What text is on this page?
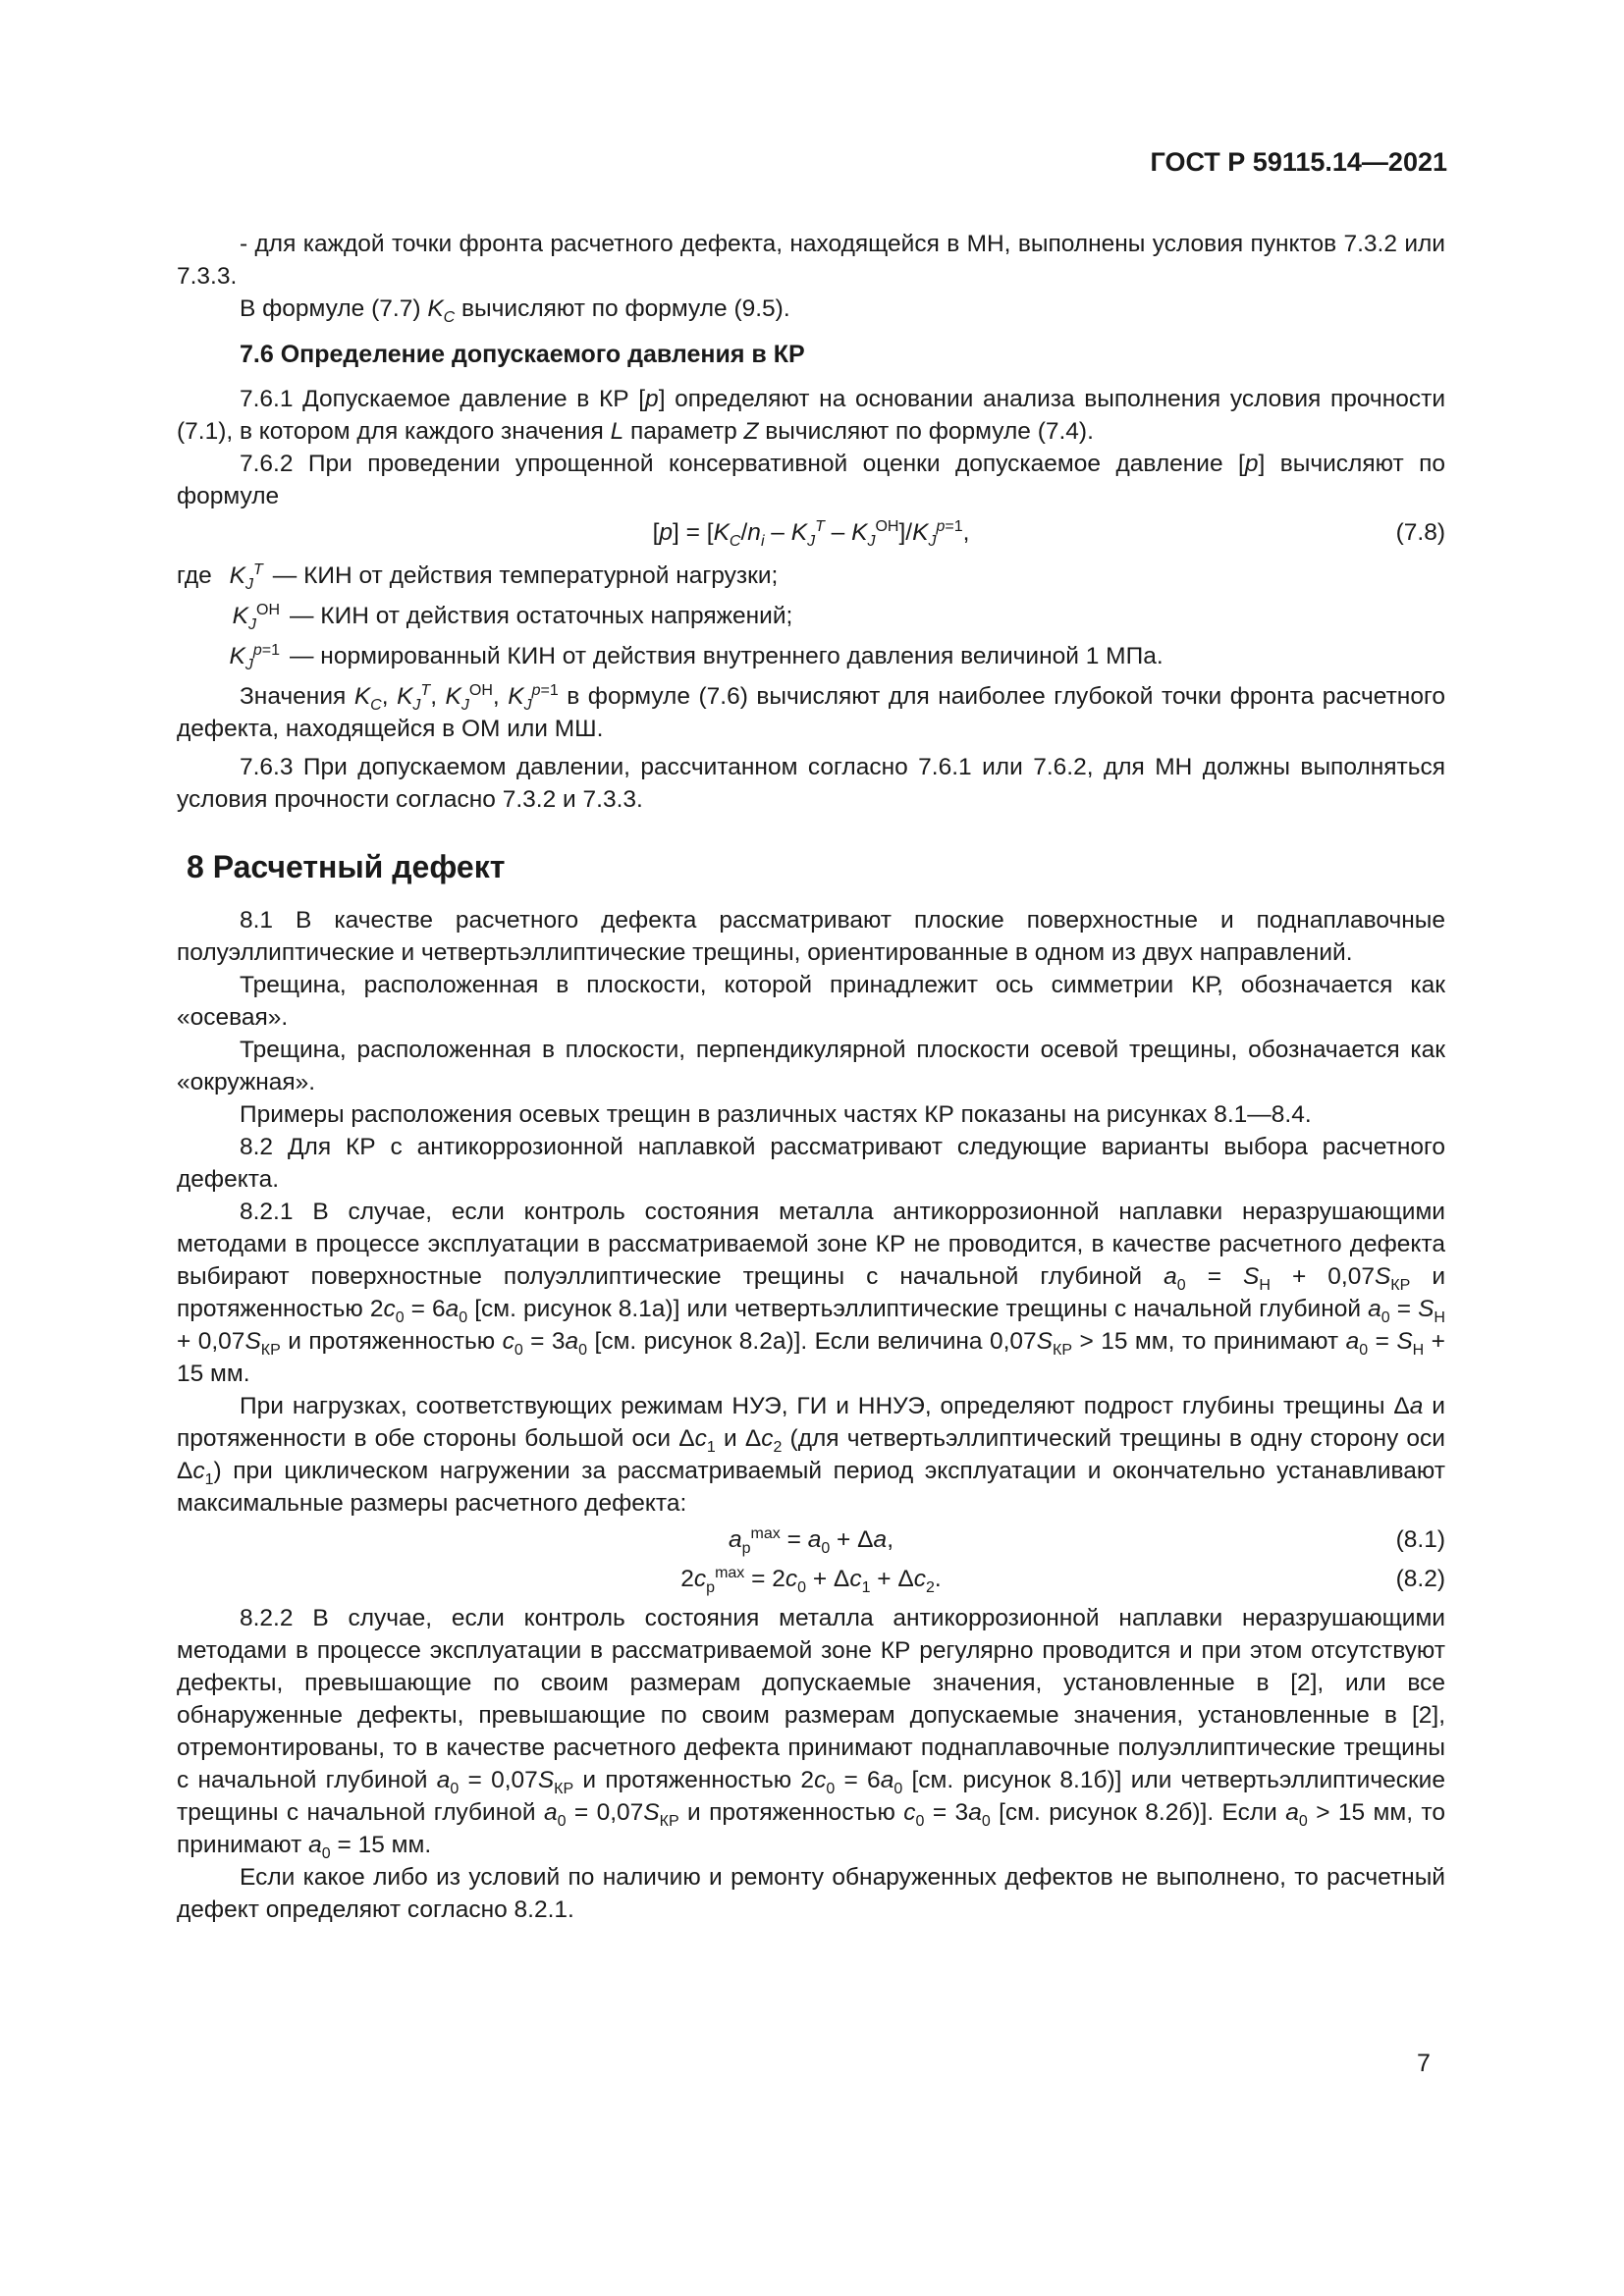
ГОСТ Р 59115.14—2021

- для каждой точки фронта расчетного дефекта, находящейся в МН, выполнены условия пунктов 7.3.2 или 7.3.3.

В формуле (7.7) $K_C$ вычисляют по формуле (9.5).

7.6 Определение допускаемого давления в КР

7.6.1 Допускаемое давление в КР [p] определяют на основании анализа выполнения условия прочности (7.1), в котором для каждого значения L параметр Z вычисляют по формуле (7.4).

7.6.2 При проведении упрощенной консервативной оценки допускаемое давление [p] вычисляют по формуле

$[p] = [K_C/n_i - K_J^T - K_J^{ОН}]/K_J^{p=1}$,	(7.8)
где $K_J^T$ — КИН от действия температурной нагрузки;
$K_J^{ОН}$ — КИН от действия остаточных напряжений;
$K_J^{p=1}$ — нормированный КИН от действия внутреннего давления величиной 1 МПа.

Значения $K_C$, $K_J^T$, $K_J^{ОН}$, $K_J^{p=1}$ в формуле (7.6) вычисляют для наиболее глубокой точки фронта расчетного дефекта, находящейся в ОМ или МШ.

7.6.3 При допускаемом давлении, рассчитанном согласно 7.6.1 или 7.6.2, для МН должны выполняться условия прочности согласно 7.3.2 и 7.3.3.

8 Расчетный дефект

8.1 В качестве расчетного дефекта рассматривают плоские поверхностные и поднаплавочные полуэллиптические и четвертьэллиптические трещины, ориентированные в одном из двух направлений.

Трещина, расположенная в плоскости, которой принадлежит ось симметрии КР, обозначается как «осевая».

Трещина, расположенная в плоскости, перпендикулярной плоскости осевой трещины, обозначается как «окружная».

Примеры расположения осевых трещин в различных частях КР показаны на рисунках 8.1—8.4.

8.2 Для КР с антикоррозионной наплавкой рассматривают следующие варианты выбора расчетного дефекта.

8.2.1 В случае, если контроль состояния металла антикоррозионной наплавки неразрушающими методами в процессе эксплуатации в рассматриваемой зоне КР не проводится, в качестве расчетного дефекта выбирают поверхностные полуэллиптические трещины с начальной глубиной $a_0 = S_Н + 0,07S_{КР}$ и протяженностью $2c_0 = 6a_0$ [см. рисунок 8.1а)] или четвертьэллиптические трещины с начальной глубиной $a_0 = S_Н + 0,07S_{КР}$ и протяженностью $c_0 = 3a_0$ [см. рисунок 8.2а)]. Если величина $0,07S_{КР} > 15$ мм, то принимают $a_0 = S_Н + 15$ мм.

При нагрузках, соответствующих режимам НУЭ, ГИ и ННУЭ, определяют подрост глубины трещины Δa и протяженности в обе стороны большой оси $\Delta c_1$ и $\Delta c_2$ (для четвертьэллиптический трещины в одну сторону оси $\Delta c_1$) при циклическом нагружении за рассматриваемый период эксплуатации и окончательно устанавливают максимальные размеры расчетного дефекта:

$a_p^{max} = a_0 + \Delta a$,	(8.1)
$2c_p^{max} = 2c_0 + \Delta c_1 + \Delta c_2$.	(8.2)

8.2.2 В случае, если контроль состояния металла антикоррозионной наплавки неразрушающими методами в процессе эксплуатации в рассматриваемой зоне КР регулярно проводится и при этом отсутствуют дефекты, превышающие по своим размерам допускаемые значения, установленные в [2], или все обнаруженные дефекты, превышающие по своим размерам допускаемые значения, установленные в [2], отремонтированы, то в качестве расчетного дефекта принимают поднаплавочные полуэллиптические трещины с начальной глубиной $a_0 = 0,07S_{КР}$ и протяженностью $2c_0 = 6a_0$ [см. рисунок 8.1б)] или четвертьэллиптические трещины с начальной глубиной $a_0 = 0,07S_{КР}$ и протяженностью $c_0 = 3a_0$ [см. рисунок 8.2б)]. Если $a_0 > 15$ мм, то принимают $a_0 = 15$ мм.

Если какое либо из условий по наличию и ремонту обнаруженных дефектов не выполнено, то расчетный дефект определяют согласно 8.2.1.

7
